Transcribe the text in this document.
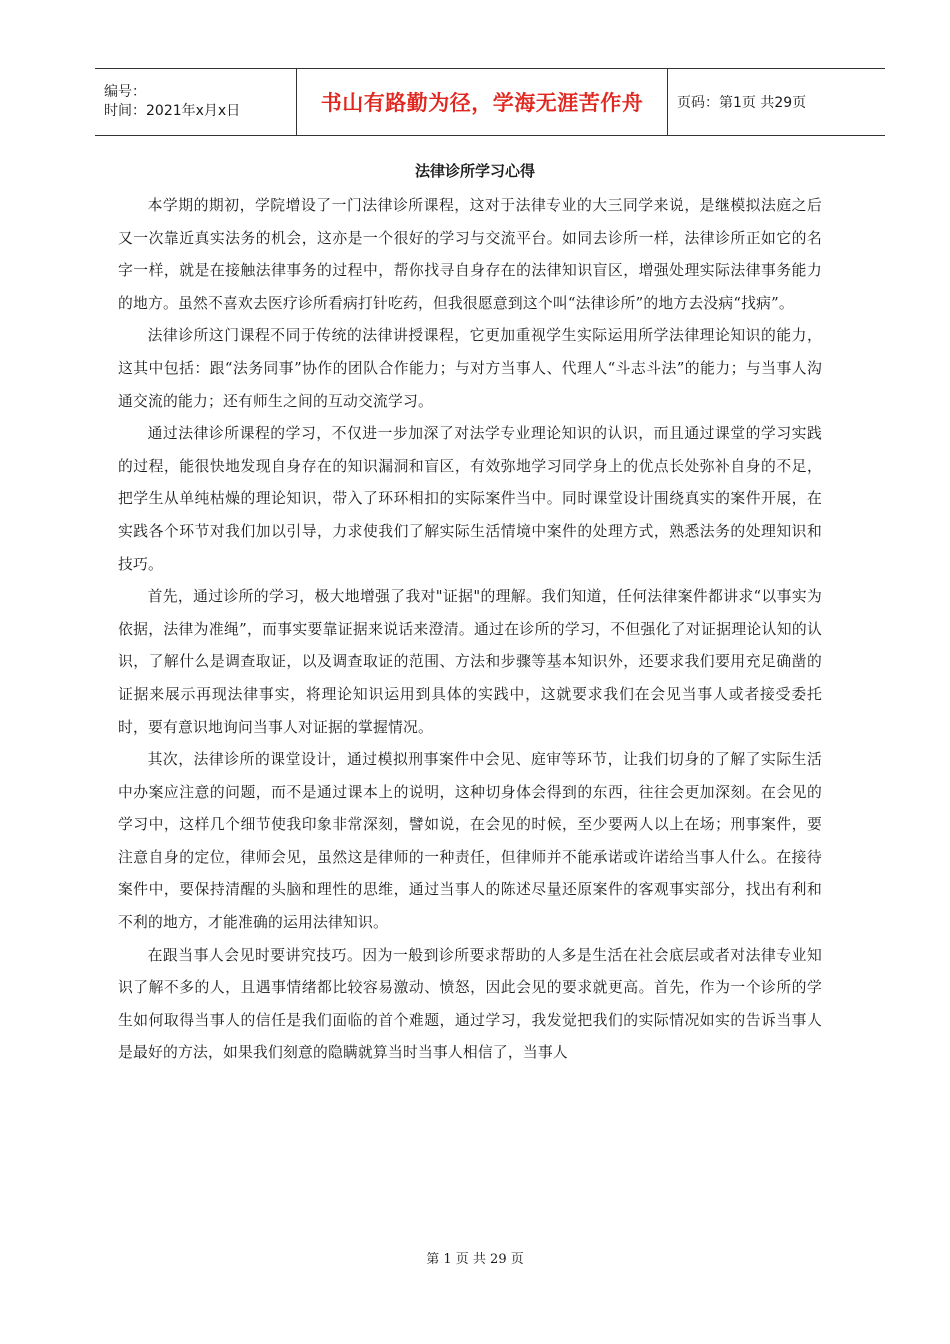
编号：
时间：2021年x月x日	书山有路勤为径，学海无涯苦作舟 页码：第1页 共29页
法律诊所学习心得

本学期的期初，学院增设了一门法律诊所课程，这对于法律专业的大三同学来说，是继模拟法庭之后又一次靠近真实法务的机会，这亦是一个很好的学习与交流平台。如同去诊所一样，法律诊所正如它的名字一样，就是在接触法律事务的过程中，帮你找寻自身存在的法律知识盲区，增强处理实际法律事务能力的地方。虽然不喜欢去医疗诊所看病打针吃药，但我很愿意到这个叫“法律诊所”的地方去没病“找病”。

法律诊所这门课程不同于传统的法律讲授课程，它更加重视学生实际运用所学法律理论知识的能力，这其中包括：跟“法务同事”协作的团队合作能力；与对方当事人、代理人“斗志斗法”的能力；与当事人沟通交流的能力；还有师生之间的互动交流学习。

通过法律诊所课程的学习，不仅进一步加深了对法学专业理论知识的认识，而且通过课堂的学习实践的过程，能很快地发现自身存在的知识漏洞和盲区，有效弥地学习同学身上的优点长处弥补自身的不足，把学生从单纯枯燥的理论知识，带入了环环相扣的实际案件当中。同时课堂设计围绕真实的案件开展，在实践各个环节对我们加以引导，力求使我们了解实际生活情境中案件的处理方式，熟悉法务的处理知识和技巧。

首先，通过诊所的学习，极大地增强了我对"证据"的理解。我们知道，任何法律案件都讲求“以事实为依据，法律为准绳”，而事实要靠证据来说话来澄清。通过在诊所的学习，不但强化了对证据理论认知的认识，了解什么是调查取证，以及调查取证的范围、方法和步骤等基本知识外，还要求我们要用充足确凿的证据来展示再现法律事实，将理论知识运用到具体的实践中，这就要求我们在会见当事人或者接受委托时，要有意识地询问当事人对证据的掌握情况。

其次，法律诊所的课堂设计，通过模拟刑事案件中会见、庭审等环节，让我们切身的了解了实际生活中办案应注意的问题，而不是通过课本上的说明，这种切身体会得到的东西，往往会更加深刻。在会见的学习中，这样几个细节使我印象非常深刻，譬如说，在会见的时候，至少要两人以上在场；刑事案件，要注意自身的定位，律师会见，虽然这是律师的一种责任，但律师并不能承诺或许诺给当事人什么。在接待案件中，要保持清醒的头脑和理性的思维，通过当事人的陈述尽量还原案件的客观事实部分，找出有利和不利的地方，才能准确的运用法律知识。

在跟当事人会见时要讲究技巧。因为一般到诊所要求帮助的人多是生活在社会底层或者对法律专业知识了解不多的人，且遇事情绪都比较容易激动、愤怒，因此会见的要求就更高。首先，作为一个诊所的学生如何取得当事人的信任是我们面临的首个难题，通过学习，我发觉把我们的实际情况如实的告诉当事人是最好的方法，如果我们刻意的隐瞒就算当时当事人相信了，当事人

第 1 页 共 29 页
